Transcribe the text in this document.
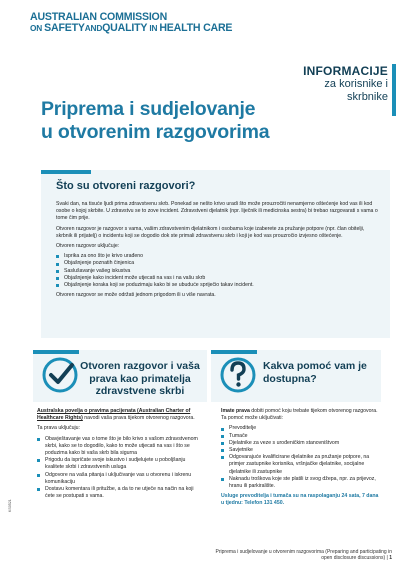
AUSTRALIAN COMMISSION
ON SAFETYANDQUALITY IN HEALTH CARE
INFORMACIJE
za korisnike i
skrbnike
Priprema i sudjelovanje
u otvorenim razgovorima
Što su otvoreni razgovori?

Svaki dan, na tisuće ljudi prima zdravstvenu skrb. Ponekad se nešto krivo uradi što može prouzročiti nenamjerno oštećenje kod vas ili kod osobe o kojoj skrbite. U zdravstvu se to zove incident. Zdravstveni djelatnik (npr. liječnik ili medicinska sestra) bi trebao razgovarati s vama o tome čim prije.

Otvoren razgovor je razgovor s vama, vašim zdravstvenim djelatnikom i osobama koje izaberete za pružanje potpore (npr. član obitelji, skrbnik ili prijatelj) o incidentu koji se dogodio dok ste primali zdravstvenu skrb i koji je kod vas prouzročio izvjesno oštećenje.

Otvoren razgovor uključuje:

Isprika za ono što je krivo urađeno
Objašnjenje poznatih činjenica
Saslušavanje vašeg iskustva
Objašnjenje kako incident može utjecati na vas i na vašu skrb
Objašnjenje koraka koji se poduzimaju kako bi se ubuduće spriječio takav incident.

Otvoren razgovor se može održati jednom prigodom ili u više navrata.

Otvoren razgovor i vaša prava kao primatelja zdravstvene skrbi

Australska povelja o pravima pacijenata (Australian Charter of Healthcare Rights) navodi vaša prava tijekom otvorenog razgovora.

Ta prava uključuju:

Obavještavanje vas o tome što je bilo krivo s vašom zdravstvenom skrbi, kako se to dogodilo, kako to može utjecati na vas i što se poduzima kako bi vaša skrb bila sigurna
Prigodu da ispričate svoje iskustvo i sudjelujete u poboljšanju kvalitete skrbi i zdravstvenih usluga
Odgovore na vaša pitanja i uključivanje vas u otvorenu i iskrenu komunikaciju
Dostavu komentara ili pritužbe, a da to ne utječe na način na koji ćete se postupati s vama.
Kakva pomoć vam je dostupna?

Imate prava dobiti pomoć koju trebate tijekom otvorenog razgovora. Ta pomoć može uključivati:

Prevoditelje
Tumače
Djelatnike za veze s urođeničkim stanovništvom
Savjetnike
Odgovarajuće kvalificirane djelatnike za pružanje potpore, na primjer zastupnike korisnika, vršnjačke djelatnike, socijalne djelatnike ili zastupnike
Naknadu troškova koje ste platili iz svog džepa, npr. za prijevoz, hranu ili parkiralište.

Usluge prevoditelja i tumača su na raspolaganju 24 sata, 7 dana u tjednu: Telefon 131 450.

KS0521
Priprema i sudjelovanje u otvorenim razgovorima (Preparing and participating in open disclosure discussions) | 1
